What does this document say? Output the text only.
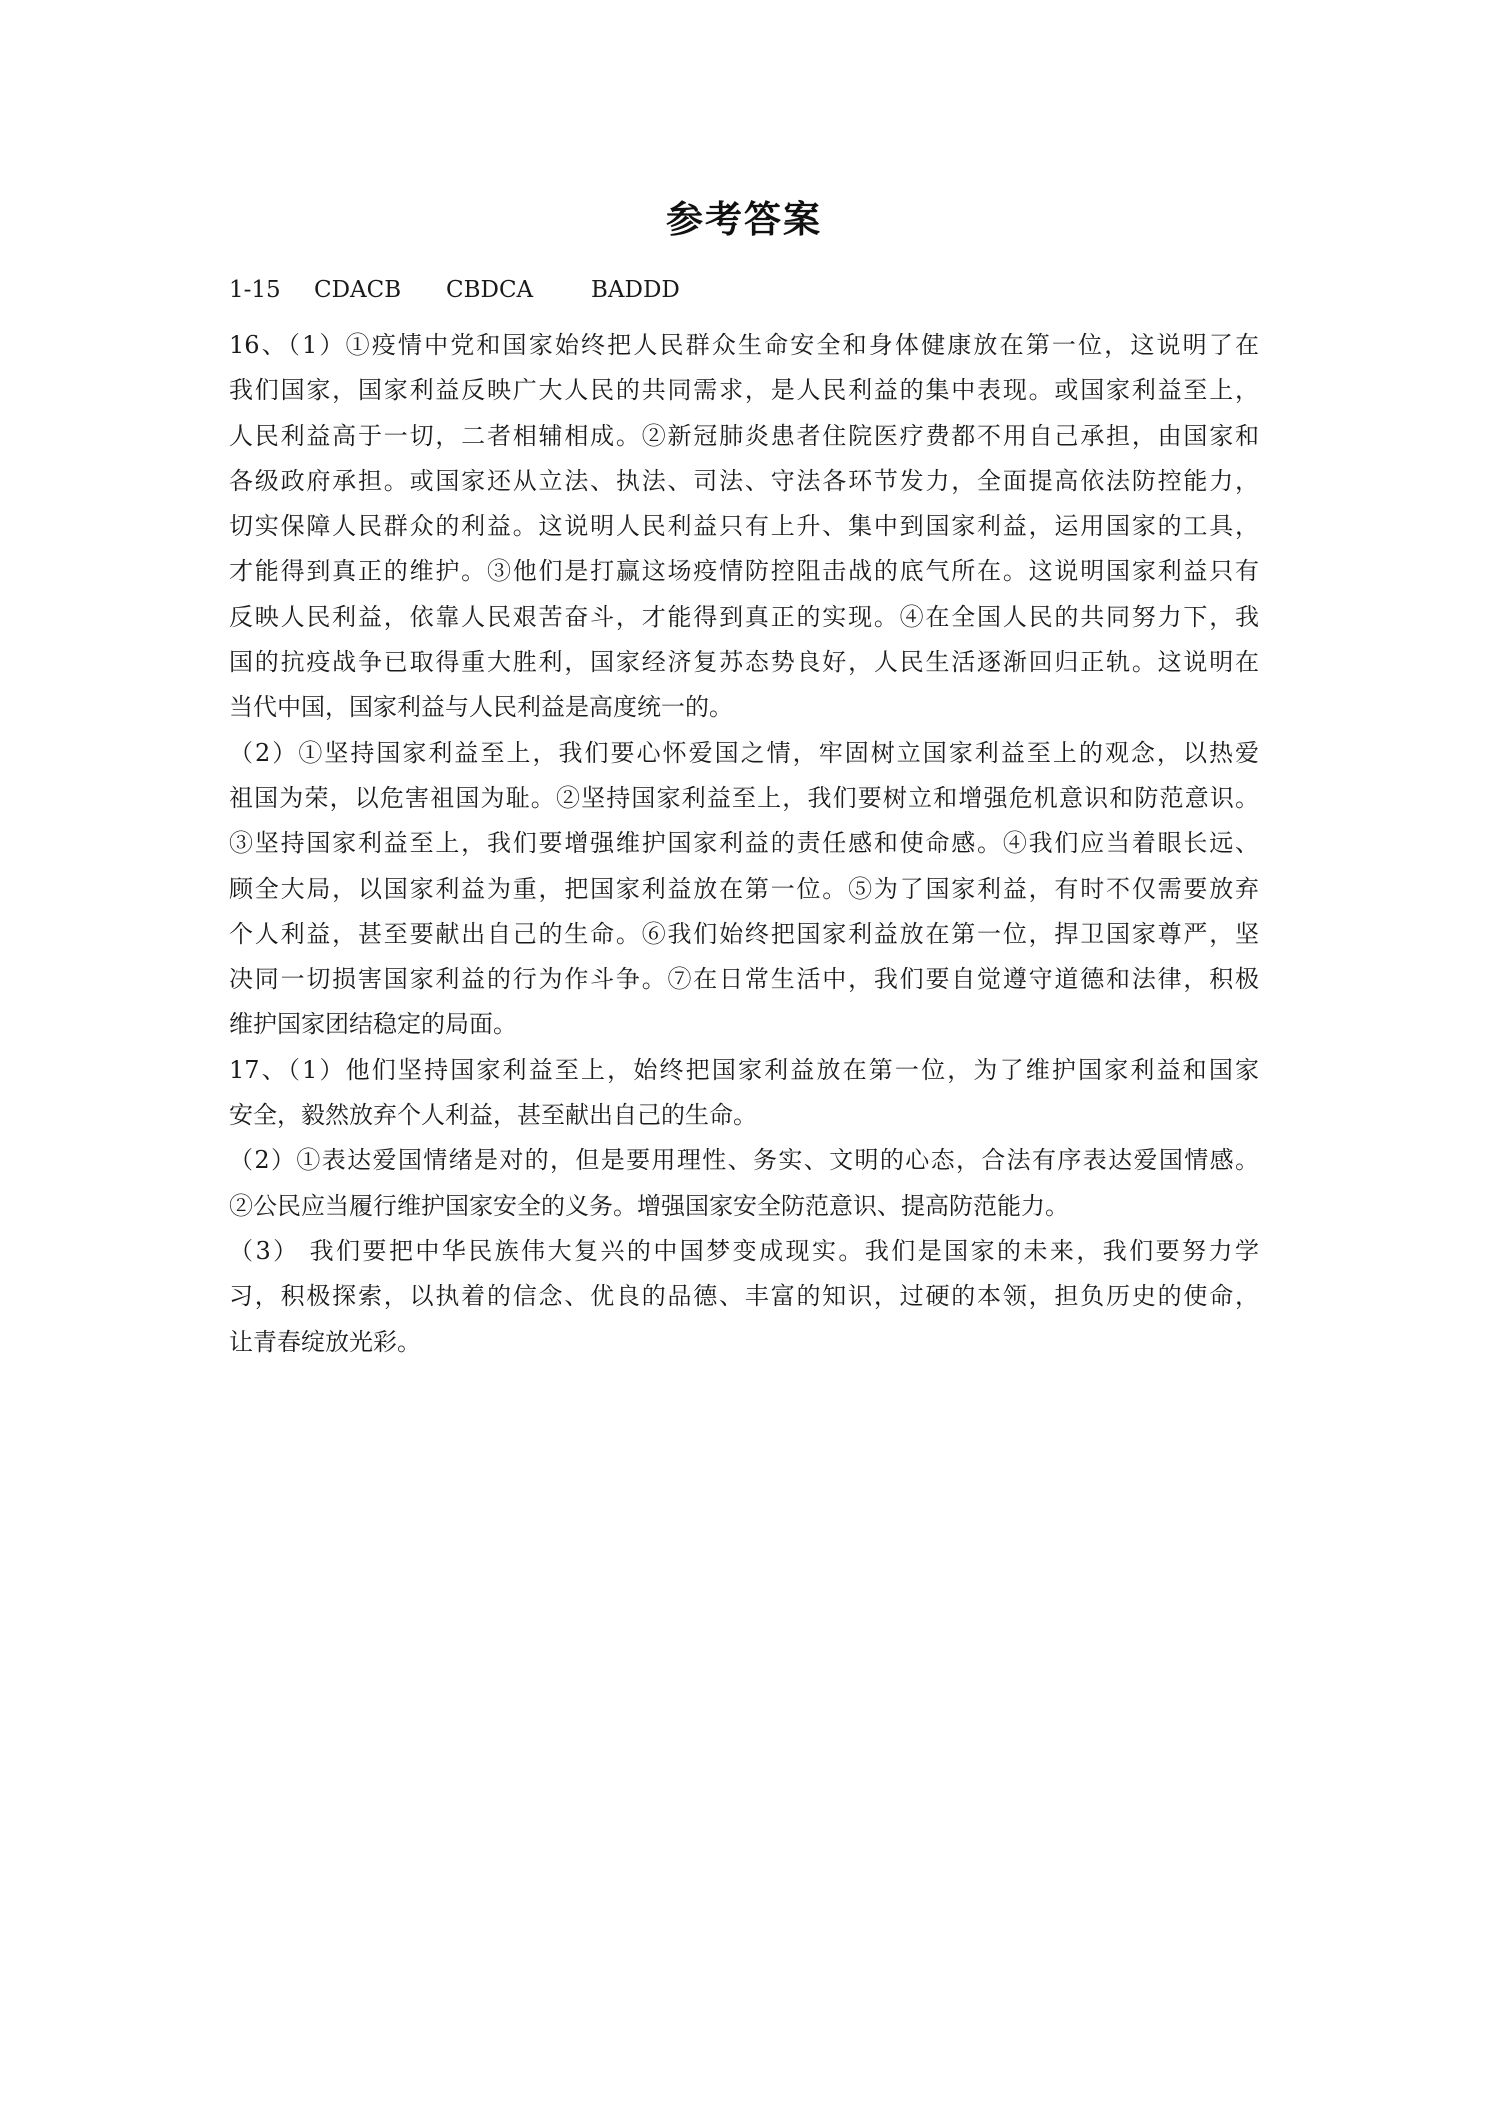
参考答案
1-15	CDACB	CBDCA	BADDD
16、（1）①疫情中党和国家始终把人民群众生命安全和身体健康放在第一位，这说明了在
我们国家，国家利益反映广大人民的共同需求，是人民利益的集中表现。或国家利益至上，
人民利益高于一切，二者相辅相成。②新冠肺炎患者住院医疗费都不用自己承担，由国家和
各级政府承担。或国家还从立法、执法、司法、守法各环节发力，全面提高依法防控能力，
切实保障人民群众的利益。这说明人民利益只有上升、集中到国家利益，运用国家的工具，
才能得到真正的维护。③他们是打赢这场疫情防控阻击战的底气所在。这说明国家利益只有
反映人民利益，依靠人民艰苦奋斗，才能得到真正的实现。④在全国人民的共同努力下，我
国的抗疫战争已取得重大胜利，国家经济复苏态势良好，人民生活逐渐回归正轨。这说明在
当代中国，国家利益与人民利益是高度统一的。
（2）①坚持国家利益至上，我们要心怀爱国之情，牢固树立国家利益至上的观念，以热爱
祖国为荣，以危害祖国为耻。②坚持国家利益至上，我们要树立和增强危机意识和防范意识。
③坚持国家利益至上，我们要增强维护国家利益的责任感和使命感。④我们应当着眼长远、
顾全大局，以国家利益为重，把国家利益放在第一位。⑤为了国家利益，有时不仅需要放弃
个人利益，甚至要献出自己的生命。⑥我们始终把国家利益放在第一位，捍卫国家尊严，坚
决同一切损害国家利益的行为作斗争。⑦在日常生活中，我们要自觉遵守道德和法律，积极
维护国家团结稳定的局面。
17、（1）他们坚持国家利益至上，始终把国家利益放在第一位，为了维护国家利益和国家
安全，毅然放弃个人利益，甚至献出自己的生命。
（2）①表达爱国情绪是对的，但是要用理性、务实、文明的心态，合法有序表达爱国情感。
②公民应当履行维护国家安全的义务。增强国家安全防范意识、提高防范能力。
（3） 我们要把中华民族伟大复兴的中国梦变成现实。我们是国家的未来，我们要努力学
习，积极探索，以执着的信念、优良的品德、丰富的知识，过硬的本领，担负历史的使命，
让青春绽放光彩。
